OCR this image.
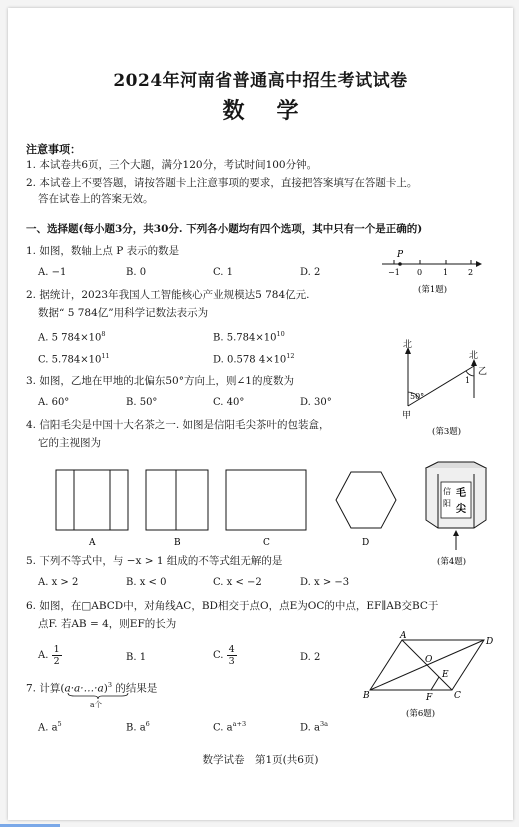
2024年河南省普通高中招生考试试卷
数学
注意事项：
1. 本试卷共6页，三个大题，满分120分，考试时间100分钟。
2. 本试卷上不要答题，请按答题卡上注意事项的要求，直接把答案填写在答题卡上。
答在试卷上的答案无效。
一、选择题(每小题3分，共30分. 下列各小题均有四个选项，其中只有一个是正确的)
1. 如图，数轴上点 P 表示的数是
A. −1	B. 0	C. 1	D. 2
P
−1 0	1 2
(第1题)
2. 据统计，2023年我国人工智能核心产业规模达5 784亿元.
数据“ 5 784亿”用科学记数法表示为
A. 5 $784\times 10^8$	B. $5.784\times 10^{10}$
C. $5.784\times 10^{11}$	D. 0.578 $4\times 10^{12}$
3. 如图，乙地在甲地的北偏东50°方向上，则∠1的度数为
A. 60°	B. 50°	C. 40°	D. 30°
北
北
50°
1
乙
甲
(第3题)
4. 信阳毛尖是中国十大名茶之一. 如图是信阳毛尖茶叶的包装盒，
它的主视图为
A	B	C	D
信
阳
毛
尖
(第4题)
5. 下列不等式中，与 −x > 1 组成的不等式组无解的是
A. x > 2	B. x < 0	C. x < −2	D. x > −3
6. 如图，在□ABCD中，对角线AC，BD相交于点O，点E为OC的中点，EF∥AB交BC于
点F. 若AB = 4，则EF的长为
A. $\frac{1}{2}$	B. 1	C. $\frac{4}{3}$	D. 2
A
B	C
D
O
E
F
(第6题)
7. 计算(a·a·…·a)$^3$ 的结果是
a个
A. $a^5$	B. $a^6$	C. $a^{a+3}$	D. $a^{3a}$
数学试卷　第1页(共6页)
